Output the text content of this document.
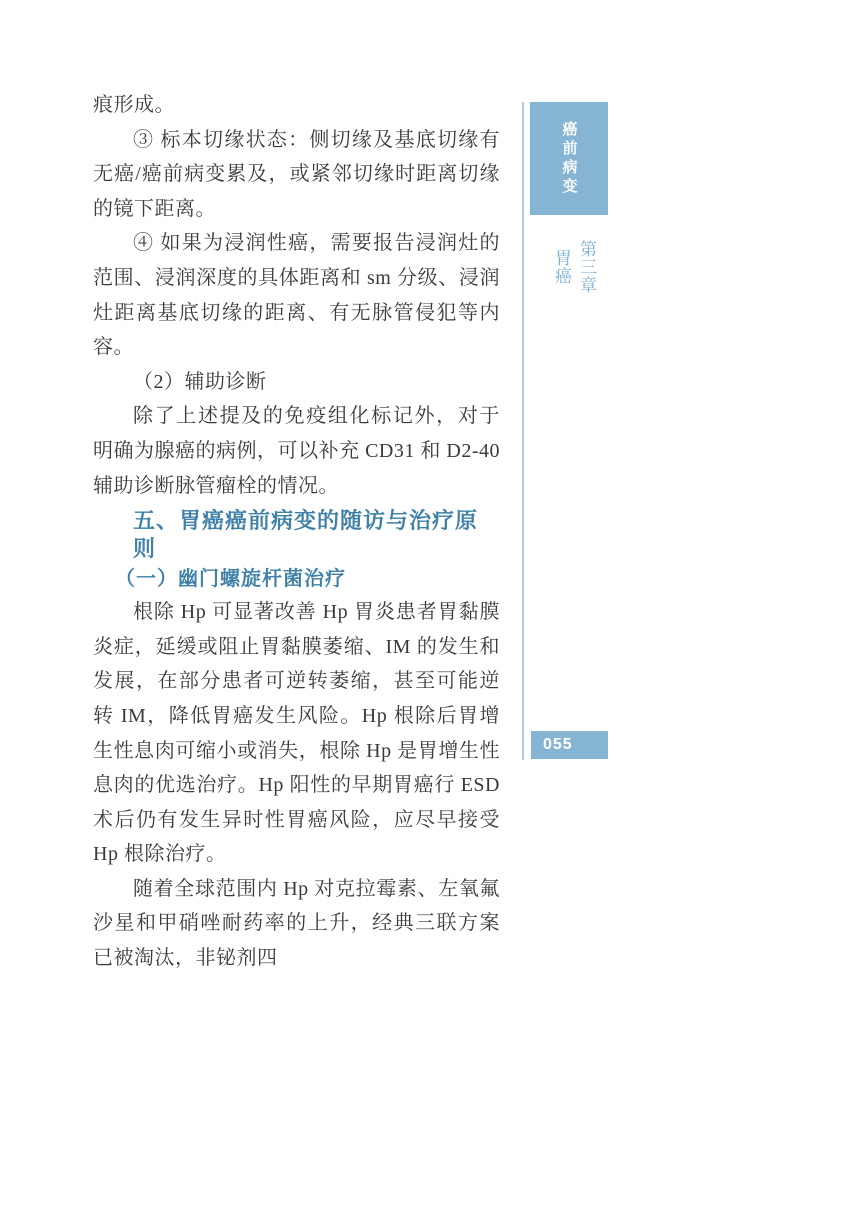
痕形成。
③ 标本切缘状态：侧切缘及基底切缘有无癌/癌前病变累及，或紧邻切缘时距离切缘的镜下距离。
④ 如果为浸润性癌，需要报告浸润灶的范围、浸润深度的具体距离和 sm 分级、浸润灶距离基底切缘的距离、有无脉管侵犯等内容。
（2）辅助诊断
除了上述提及的免疫组化标记外，对于明确为腺癌的病例，可以补充 CD31 和 D2-40 辅助诊断脉管瘤栓的情况。
五、胃癌癌前病变的随访与治疗原则
（一）幽门螺旋杆菌治疗
根除 Hp 可显著改善 Hp 胃炎患者胃黏膜炎症，延缓或阻止胃黏膜萎缩、IM 的发生和发展，在部分患者可逆转萎缩，甚至可能逆转 IM，降低胃癌发生风险。Hp 根除后胃增生性息肉可缩小或消失，根除 Hp 是胃增生性息肉的优选治疗。Hp 阳性的早期胃癌行 ESD 术后仍有发生异时性胃癌风险，应尽早接受 Hp 根除治疗。
随着全球范围内 Hp 对克拉霉素、左氧氟沙星和甲硝唑耐药率的上升，经典三联方案已被淘汰，非铋剂四
癌前病变
第三章
胃癌
055
